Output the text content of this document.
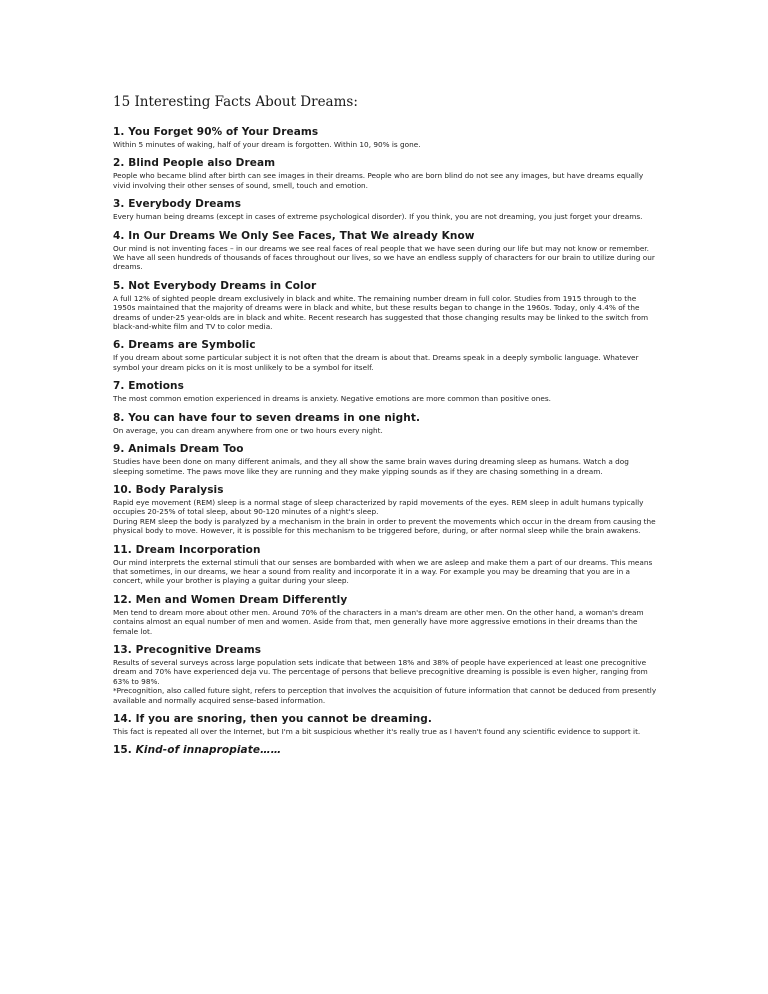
15 Interesting Facts About Dreams:
1. You Forget 90% of Your Dreams

Within 5 minutes of waking, half of your dream is forgotten. Within 10, 90% is gone.

2. Blind People also Dream

People who became blind after birth can see images in their dreams. People who are born blind do not see any images, but have dreams equally vivid involving their other senses of sound, smell, touch and emotion.

3. Everybody Dreams

Every human being dreams (except in cases of extreme psychological disorder). If you think, you are not dreaming, you just forget your dreams.

4. In Our Dreams We Only See Faces, That We already Know

Our mind is not inventing faces – in our dreams we see real faces of real people that we have seen during our life but may not know or remember. We have all seen hundreds of thousands of faces throughout our lives, so we have an endless supply of characters for our brain to utilize during our dreams.

5. Not Everybody Dreams in Color

A full 12% of sighted people dream exclusively in black and white. The remaining number dream in full color. Studies from 1915 through to the 1950s maintained that the majority of dreams were in black and white, but these results began to change in the 1960s. Today, only 4.4% of the dreams of under-25 year-olds are in black and white. Recent research has suggested that those changing results may be linked to the switch from black-and-white film and TV to color media.

6. Dreams are Symbolic

If you dream about some particular subject it is not often that the dream is about that. Dreams speak in a deeply symbolic language. Whatever symbol your dream picks on it is most unlikely to be a symbol for itself.

7. Emotions

The most common emotion experienced in dreams is anxiety. Negative emotions are more common than positive ones.

8. You can have four to seven dreams in one night.

On average, you can dream anywhere from one or two hours every night.

9. Animals Dream Too

Studies have been done on many different animals, and they all show the same brain waves during dreaming sleep as humans. Watch a dog sleeping sometime. The paws move like they are running and they make yipping sounds as if they are chasing something in a dream.

10. Body Paralysis

Rapid eye movement (REM) sleep is a normal stage of sleep characterized by rapid movements of the eyes. REM sleep in adult humans typically occupies 20-25% of total sleep, about 90-120 minutes of a night's sleep.

During REM sleep the body is paralyzed by a mechanism in the brain in order to prevent the movements which occur in the dream from causing the physical body to move. However, it is possible for this mechanism to be triggered before, during, or after normal sleep while the brain awakens.

11. Dream Incorporation

Our mind interprets the external stimuli that our senses are bombarded with when we are asleep and make them a part of our dreams. This means that sometimes, in our dreams, we hear a sound from reality and incorporate it in a way. For example you may be dreaming that you are in a concert, while your brother is playing a guitar during your sleep.

12. Men and Women Dream Differently

Men tend to dream more about other men. Around 70% of the characters in a man's dream are other men. On the other hand, a woman's dream contains almost an equal number of men and women. Aside from that, men generally have more aggressive emotions in their dreams than the female lot.

13. Precognitive Dreams

Results of several surveys across large population sets indicate that between 18% and 38% of people have experienced at least one precognitive dream and 70% have experienced deja vu. The percentage of persons that believe precognitive dreaming is possible is even higher, ranging from 63% to 98%.

*Precognition, also called future sight, refers to perception that involves the acquisition of future information that cannot be deduced from presently available and normally acquired sense-based information.

14. If you are snoring, then you cannot be dreaming.

This fact is repeated all over the Internet, but I'm a bit suspicious whether it's really true as I haven't found any scientific evidence to support it.

15. Kind-of innapropiate……
